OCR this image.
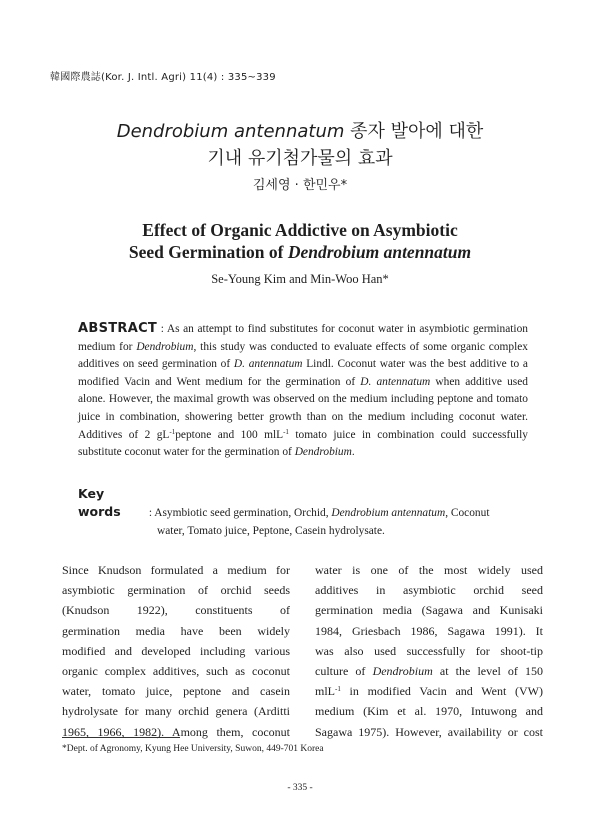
韓國際農誌(Kor. J. Intl. Agri) 11(4) : 335~339
Dendrobium antennatum 종자 발아에 대한
기내 유기첨가물의 효과
김세영 · 한민우*
Effect of Organic Addictive on Asymbiotic
Seed Germination of Dendrobium antennatum
Se-Young Kim and Min-Woo Han*
ABSTRACT : As an attempt to find substitutes for coconut water in asymbiotic germination medium for Dendrobium, this study was conducted to evaluate effects of some organic complex additives on seed germination of D. antennatum Lindl. Coconut water was the best additive to a modified Vacin and Went medium for the germination of D. antennatum when additive used alone. However, the maximal growth was observed on the medium including peptone and tomato juice in combination, showering better growth than on the medium including coconut water. Additives of 2 $gL^{-1}peptone$ and 100 mlL$^{-1}$ tomato juice in combination could successfully substitute coconut water for the germination of Dendrobium.
Key words : Asymbiotic seed germination, Orchid, Dendrobium antennatum, Coconut
water, Tomato juice, Peptone, Casein hydrolysate.
Since Knudson formulated a medium for
asymbiotic germination of orchid seeds
(Knudson 1922), constituents of
germination media have been widely
modified and developed including various
organic complex additives, such as coconut
water, tomato juice, peptone and casein
hydrolysate for many orchid genera (Arditti
1965, 1966, 1982). Among them, coconut
water is one of the most widely used
additives in asymbiotic orchid seed
germination media (Sagawa and Kunisaki
1984, Griesbach 1986, Sagawa 1991). It
was also used successfully for shoot-tip
culture of Dendrobium at the level of 150
mlL$^{-1}$ in modified Vacin and Went (VW)
medium (Kim et al. 1970, Intuwong and
Sagawa 1975). However, availability or cost
*Dept. of Agronomy, Kyung Hee University, Suwon, 449-701 Korea
- 335 -
